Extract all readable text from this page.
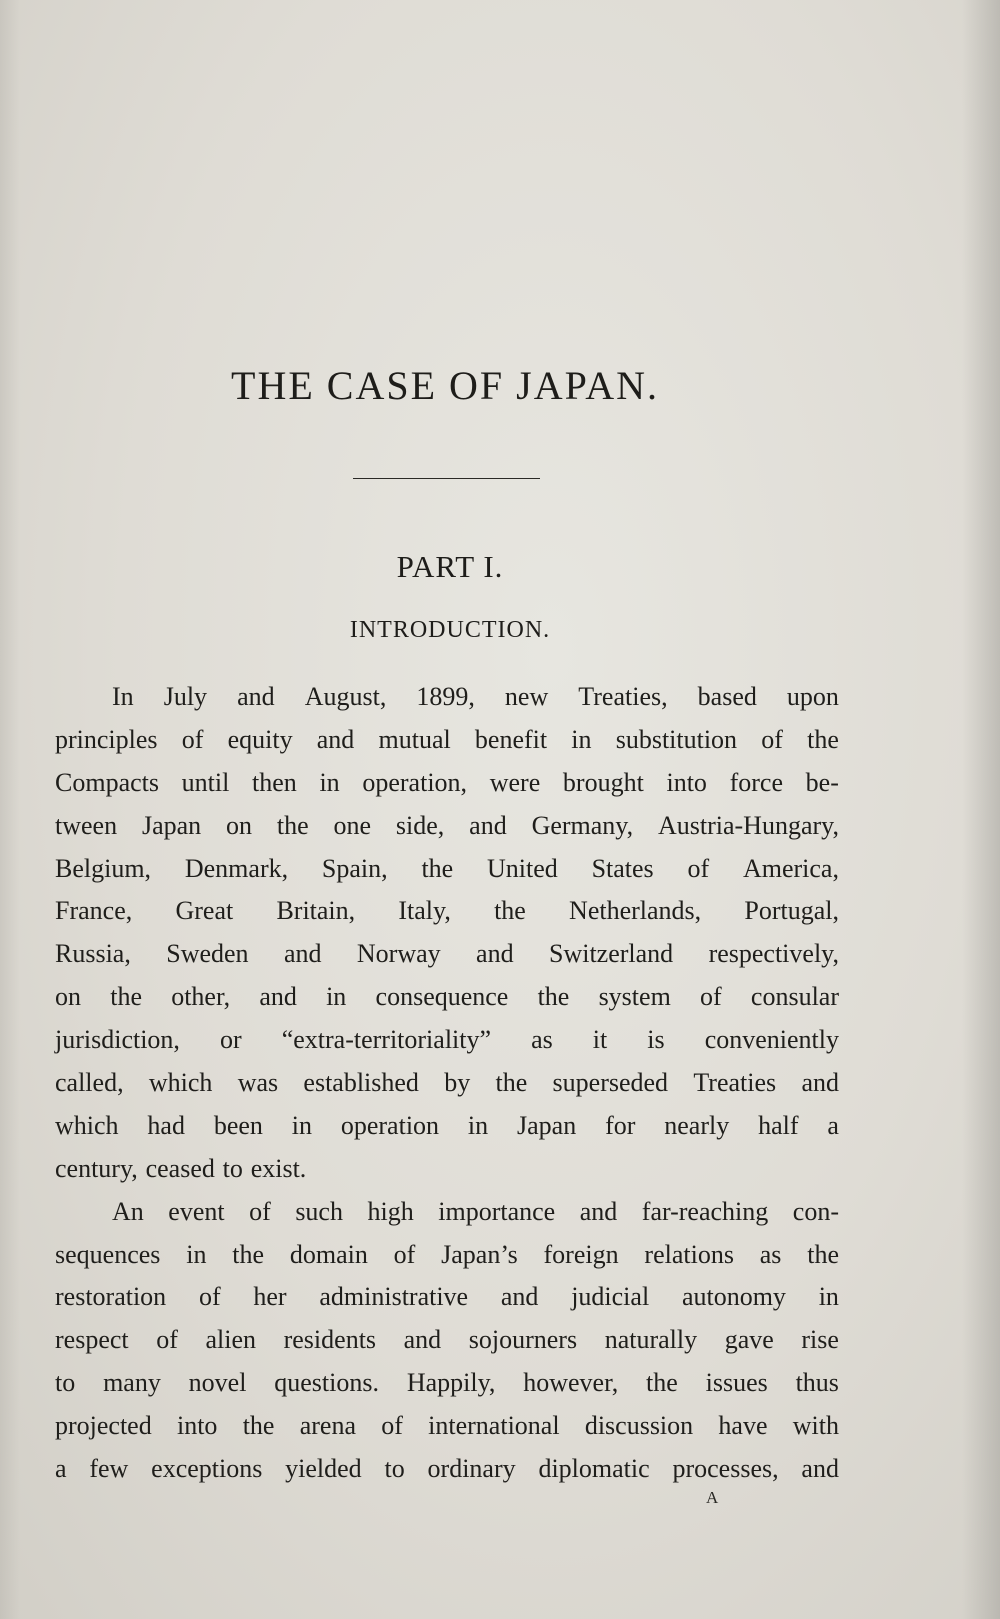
THE CASE OF JAPAN.
PART I.
INTRODUCTION.
In July and August, 1899, new Treaties, based upon
principles of equity and mutual benefit in substitution of the
Compacts until then in operation, were brought into force be-
tween Japan on the one side, and Germany, Austria-Hungary,
Belgium, Denmark, Spain, the United States of America,
France, Great Britain, Italy, the Netherlands, Portugal,
Russia, Sweden and Norway and Switzerland respectively,
on the other, and in consequence the system of consular
jurisdiction, or “extra-territoriality” as it is conveniently
called, which was established by the superseded Treaties and
which had been in operation in Japan for nearly half a
century, ceased to exist.
An event of such high importance and far-reaching con-
sequences in the domain of Japan’s foreign relations as the
restoration of her administrative and judicial autonomy in
respect of alien residents and sojourners naturally gave rise
to many novel questions. Happily, however, the issues thus
projected into the arena of international discussion have with
a few exceptions yielded to ordinary diplomatic processes, and
A
